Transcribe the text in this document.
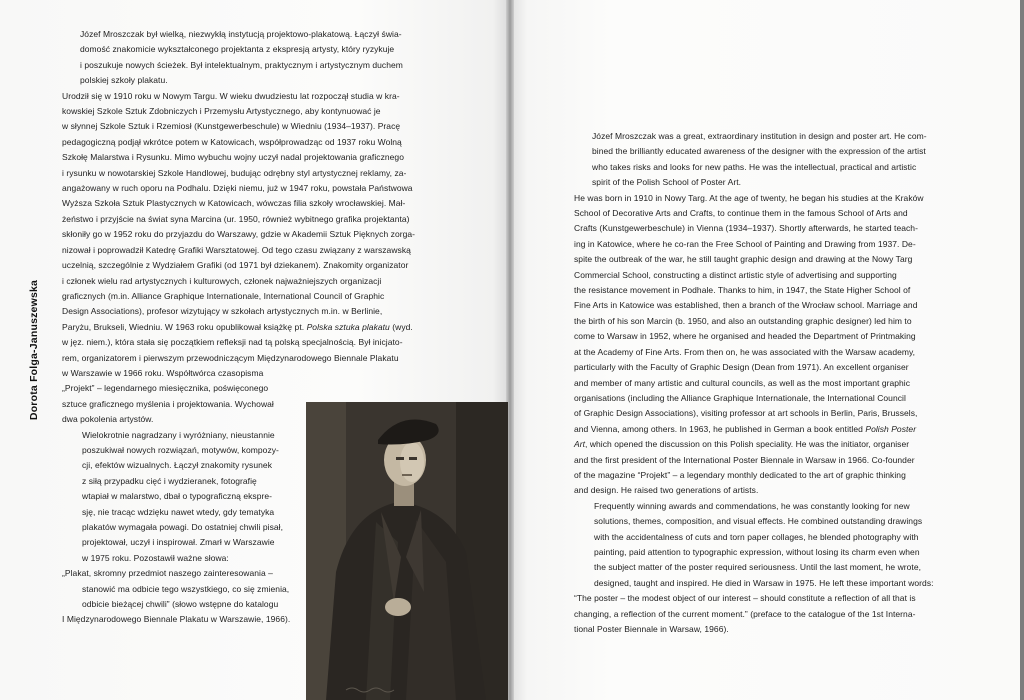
Dorota Folga-Januszewska

Józef Mroszczak był wielką, niezwykłą instytucją projektowo-plakatową. Łączył świa-

domość znakomicie wykształconego projektanta z ekspresją artysty, który ryzykuje

i poszukuje nowych ścieżek. Był intelektualnym, praktycznym i artystycznym duchem

polskiej szkoły plakatu.

Urodził się w 1910 roku w Nowym Targu. W wieku dwudziestu lat rozpoczął studia w kra-

kowskiej Szkole Sztuk Zdobniczych i Przemysłu Artystycznego, aby kontynuować je

w słynnej Szkole Sztuk i Rzemiosł (Kunstgewerbeschule) w Wiedniu (1934–1937). Pracę

pedagogiczną podjął wkrótce potem w Katowicach, współprowadząc od 1937 roku Wolną

Szkołę Malarstwa i Rysunku. Mimo wybuchu wojny uczył nadal projektowania graficznego

i rysunku w nowotarskiej Szkole Handlowej, budując odrębny styl artystycznej reklamy, za-

angażowany w ruch oporu na Podhalu. Dzięki niemu, już w 1947 roku, powstała Państwowa

Wyższa Szkoła Sztuk Plastycznych w Katowicach, wówczas filia szkoły wrocławskiej. Mał-

żeństwo i przyjście na świat syna Marcina (ur. 1950, również wybitnego grafika projektanta)

skłoniły go w 1952 roku do przyjazdu do Warszawy, gdzie w Akademii Sztuk Pięknych zorga-

nizował i poprowadził Katedrę Grafiki Warsztatowej. Od tego czasu związany z warszawską

uczelnią, szczególnie z Wydziałem Grafiki (od 1971 był dziekanem). Znakomity organizator

i członek wielu rad artystycznych i kulturowych, członek najważniejszych organizacji

graficznych (m.in. Alliance Graphique Internationale, International Council of Graphic

Design Associations), profesor wizytujący w szkołach artystycznych m.in. w Berlinie,

Paryżu, Brukseli, Wiedniu. W 1963 roku opublikował książkę pt. Polska sztuka plakatu (wyd.

w jęz. niem.), która stała się początkiem refleksji nad tą polską specjalnością. Był inicjato-

rem, organizatorem i pierwszym przewodniczącym Międzynarodowego Biennale Plakatu

w Warszawie w 1966 roku. Współtwórca czasopisma

„Projekt” – legendarnego miesięcznika, poświęconego

sztuce graficznego myślenia i projektowania. Wychował

dwa pokolenia artystów.

Wielokrotnie nagradzany i wyróżniany, nieustannie

poszukiwał nowych rozwiązań, motywów, kompozy-

cji, efektów wizualnych. Łączył znakomity rysunek

z siłą przypadku cięć i wydzieranek, fotografię

wtapiał w malarstwo, dbał o typograficzną ekspre-

sję, nie tracąc wdzięku nawet wtedy, gdy tematyka

plakatów wymagała powagi. Do ostatniej chwili pisał,

projektował, uczył i inspirował. Zmarł w Warszawie

w 1975 roku. Pozostawił ważne słowa:

„Plakat, skromny przedmiot naszego zainteresowania –

stanowić ma odbicie tego wszystkiego, co się zmienia,

odbicie bieżącej chwili” (słowo wstępne do katalogu

I Międzynarodowego Biennale Plakatu w Warszawie, 1966).

Józef Mroszczak was a great, extraordinary institution in design and poster art. He com-

bined the brilliantly educated awareness of the designer with the expression of the artist

who takes risks and looks for new paths. He was the intellectual, practical and artistic

spirit of the Polish School of Poster Art.

He was born in 1910 in Nowy Targ. At the age of twenty, he began his studies at the Kraków

School of Decorative Arts and Crafts, to continue them in the famous School of Arts and

Crafts (Kunstgewerbeschule) in Vienna (1934–1937). Shortly afterwards, he started teach-

ing in Katowice, where he co-ran the Free School of Painting and Drawing from 1937. De-

spite the outbreak of the war, he still taught graphic design and drawing at the Nowy Targ

Commercial School, constructing a distinct artistic style of advertising and supporting

the resistance movement in Podhale. Thanks to him, in 1947, the State Higher School of

Fine Arts in Katowice was established, then a branch of the Wrocław school. Marriage and

the birth of his son Marcin (b. 1950, and also an outstanding graphic designer) led him to

come to Warsaw in 1952, where he organised and headed the Department of Printmaking

at the Academy of Fine Arts. From then on, he was associated with the Warsaw academy,

particularly with the Faculty of Graphic Design (Dean from 1971). An excellent organiser

and member of many artistic and cultural councils, as well as the most important graphic

organisations (including the Alliance Graphique Internationale, the International Council

of Graphic Design Associations), visiting professor at art schools in Berlin, Paris, Brussels,

and Vienna, among others. In 1963, he published in German a book entitled Polish Poster

Art, which opened the discussion on this Polish speciality. He was the initiator, organiser

and the first president of the International Poster Biennale in Warsaw in 1966. Co-founder

of the magazine “Projekt” – a legendary monthly dedicated to the art of graphic thinking

and design. He raised two generations of artists.

Frequently winning awards and commendations, he was constantly looking for new

solutions, themes, composition, and visual effects. He combined outstanding drawings

with the accidentalness of cuts and torn paper collages, he blended photography with

painting, paid attention to typographic expression, without losing its charm even when

the subject matter of the poster required seriousness. Until the last moment, he wrote,

designed, taught and inspired. He died in Warsaw in 1975. He left these important words:

“The poster – the modest object of our interest – should constitute a reflection of all that is

changing, a reflection of the current moment.” (preface to the catalogue of the 1st Interna-

tional Poster Biennale in Warsaw, 1966).
